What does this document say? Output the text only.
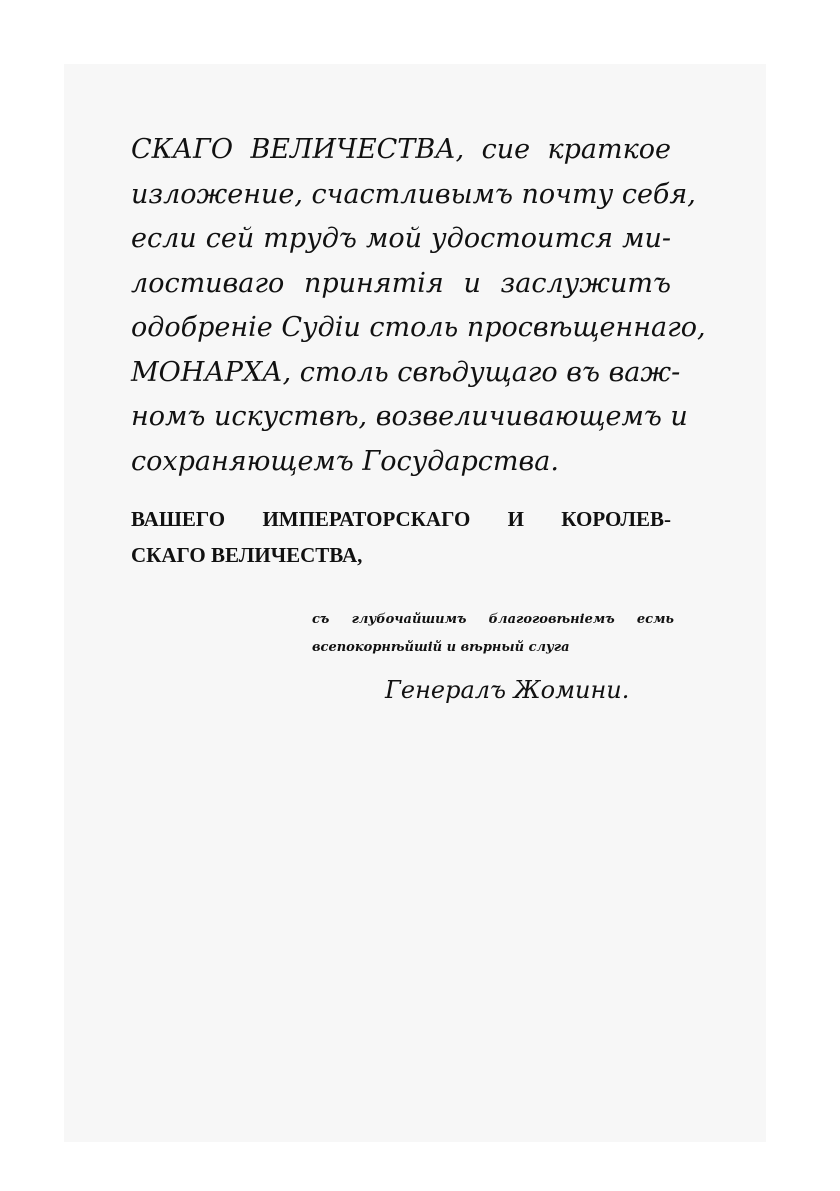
СКАГО ВЕЛИЧЕСТВА, сие краткое
изложение, счастливымъ почту себя,
если сей трудъ мой удостоится ми-
лостиваго принятія и заслужитъ
одобреніе Судіи столь просвѣщеннаго,
МОНАРХА, столь свѣдущаго въ важ-
номъ искуствѣ, возвеличивающемъ и
сохраняющемъ Государства.
ВАШЕГО ИМПЕРАТОРСКАГО И КОРОЛЕВ-
СКАГО ВЕЛИЧЕСТВА,
съ глубочайшимъ благоговѣніемъ есмь
всепокорнѣйшій и вѣрный слуга
Генералъ Жомини.
